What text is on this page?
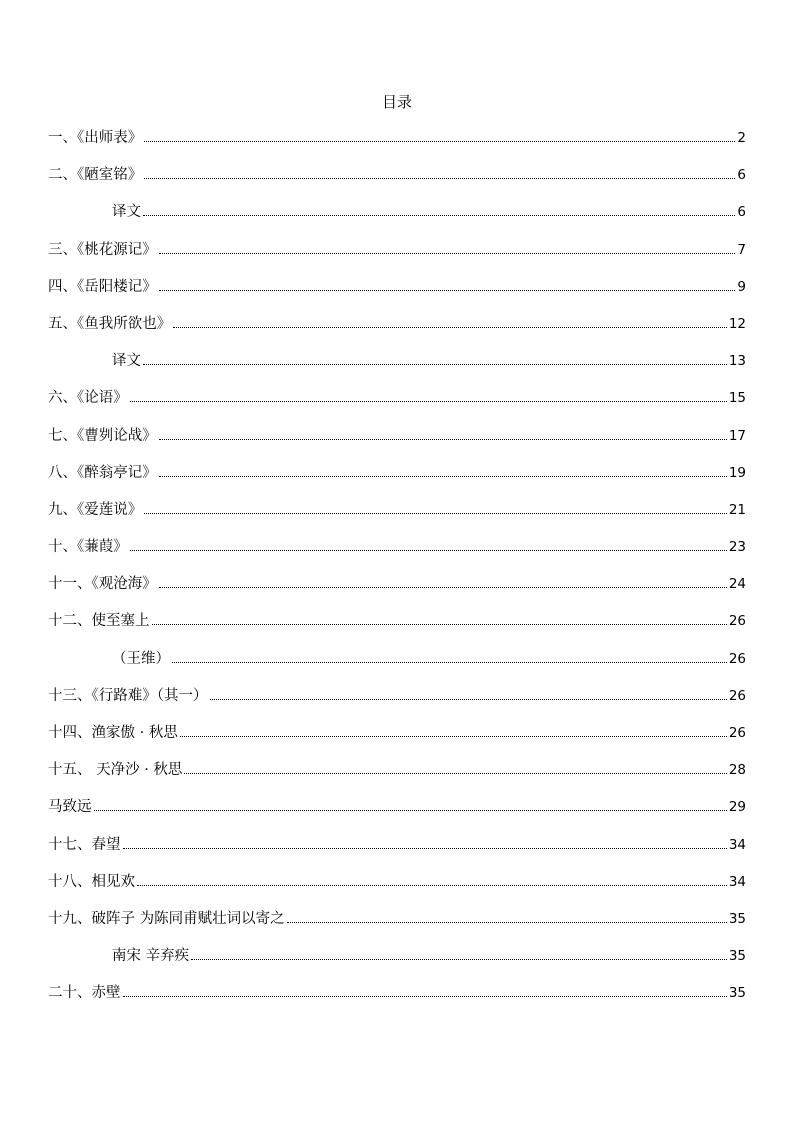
目录
一、《出师表》	2
二、《陋室铭》	6
译文	6
三、《桃花源记》	7
四、《岳阳楼记》	9
五、《鱼我所欲也》	12
译文	13
六、《论语》	15
七、《曹刿论战》	17
八、《醉翁亭记》	19
九、《爱莲说》	21
十、《蒹葭》	23
十一、《观沧海》	24
十二、使至塞上	26
（王维）	26
十三、《行路难》（其一）	26
十四、渔家傲 · 秋思	26
十五、 天净沙 · 秋思	28
马致远	29
十七、春望	34
十八、相见欢	34
十九、破阵子 为陈同甫赋壮词以寄之	35
南宋 辛弃疾	35
二十、赤壁	35
